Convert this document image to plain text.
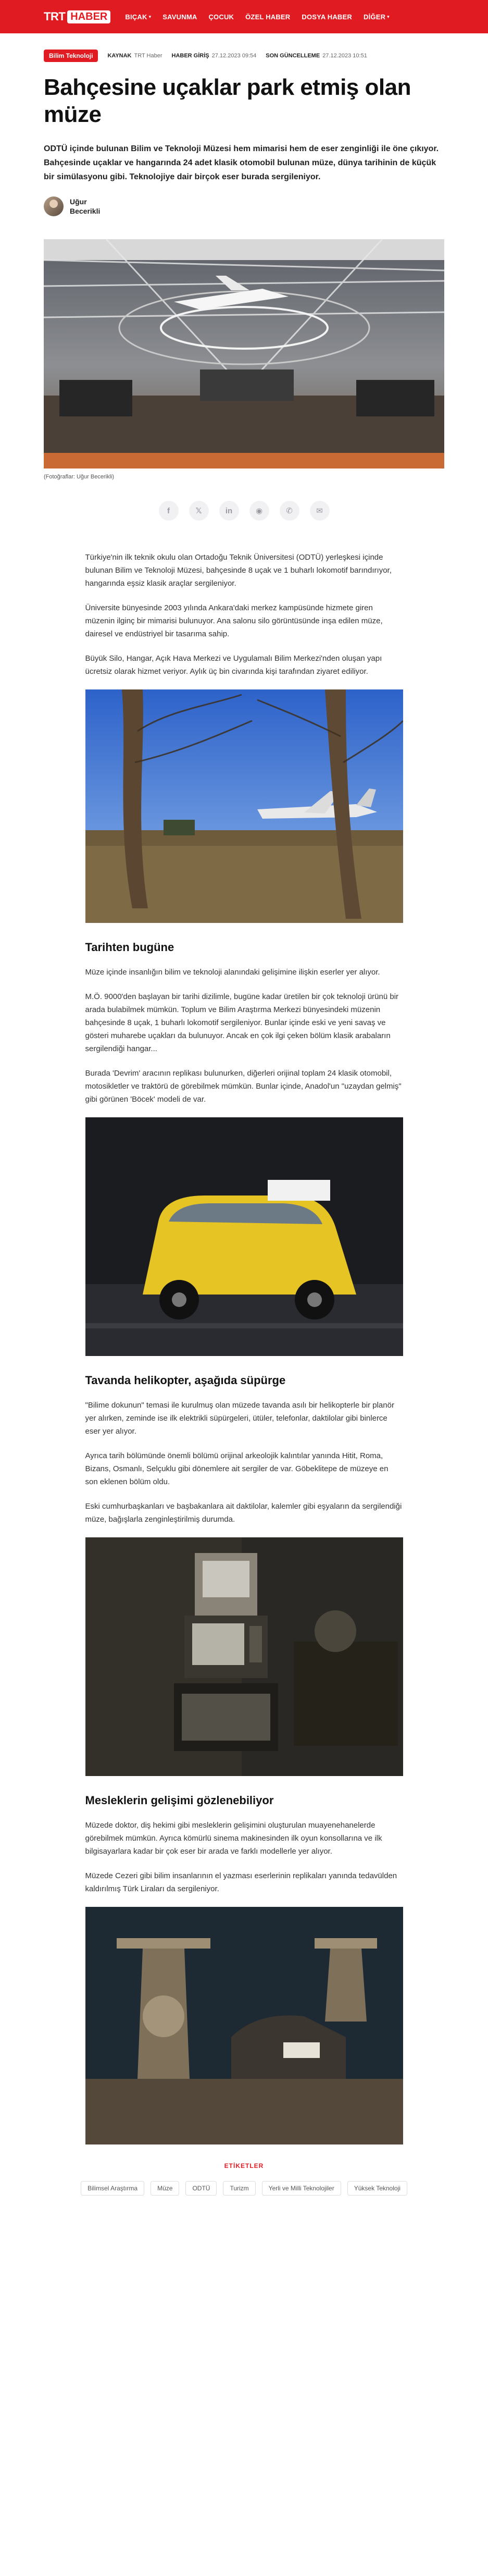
TRT HABER	BIÇAK ▾ SAVUNMA ÇOCUK ÖZEL HABER DOSYA HABER DİĞER ▾
Bilim Teknoloji	KAYNAK TRT Haber HABER GİRİŞ 27.12.2023 09:54 SON GÜNCELLEME 27.12.2023 10:51
Bahçesine uçaklar park etmiş olan müze

ODTÜ içinde bulunan Bilim ve Teknoloji Müzesi hem mimarisi hem de eser zenginliği ile öne çıkıyor. Bahçesinde uçaklar ve hangarında 24 adet klasik otomobil bulunan müze, dünya tarihinin de küçük bir simülasyonu gibi. Teknolojiye dair birçok eser burada sergileniyor.

Uğur Becerikli

(Fotoğraflar: Uğur Becerikli)

f	𝕏	in	◉	✆	✉

Türkiye'nin ilk teknik okulu olan Ortadoğu Teknik Üniversitesi (ODTÜ) yerleşkesi içinde bulunan Bilim ve Teknoloji Müzesi, bahçesinde 8 uçak ve 1 buharlı lokomotif barındırıyor, hangarında eşsiz klasik araçlar sergileniyor.

Üniversite bünyesinde 2003 yılında Ankara'daki merkez kampüsünde hizmete giren müzenin ilginç bir mimarisi bulunuyor. Ana salonu silo görüntüsünde inşa edilen müze, dairesel ve endüstriyel bir tasarıma sahip.

Büyük Silo, Hangar, Açık Hava Merkezi ve Uygulamalı Bilim Merkezi'nden oluşan yapı ücretsiz olarak hizmet veriyor. Aylık üç bin civarında kişi tarafından ziyaret ediliyor.

Tarihten bugüne

Müze içinde insanlığın bilim ve teknoloji alanındaki gelişimine ilişkin eserler yer alıyor.

M.Ö. 9000'den başlayan bir tarihi dizilimle, bugüne kadar üretilen bir çok teknoloji ürünü bir arada bulabilmek mümkün. Toplum ve Bilim Araştırma Merkezi bünyesindeki müzenin bahçesinde 8 uçak, 1 buharlı lokomotif sergileniyor. Bunlar içinde eski ve yeni savaş ve gösteri muharebe uçakları da bulunuyor. Ancak en çok ilgi çeken bölüm klasik arabaların sergilendiği hangar...

Burada 'Devrim' aracının replikası bulunurken, diğerleri orijinal toplam 24 klasik otomobil, motosikletler ve traktörü de görebilmek mümkün. Bunlar içinde, Anadol'un "uzaydan gelmiş" gibi görünen 'Böcek' modeli de var.

Tavanda helikopter, aşağıda süpürge

"Bilime dokunun" temasi ile kurulmuş olan müzede tavanda asılı bir helikopterle bir planör yer alırken, zeminde ise ilk elektrikli süpürgeleri, ütüler, telefonlar, daktilolar gibi binlerce eser yer alıyor.

Ayrıca tarih bölümünde önemli bölümü orijinal arkeolojik kalıntılar yanında Hitit, Roma, Bizans, Osmanlı, Selçuklu gibi dönemlere ait sergiler de var. Göbeklitepe de müzeye en son eklenen bölüm oldu.

Eski cumhurbaşkanları ve başbakanlara ait daktilolar, kalemler gibi eşyaların da sergilendiği müze, bağışlarla zenginleştirilmiş durumda.

Mesleklerin gelişimi gözlenebiliyor

Müzede doktor, diş hekimi gibi mesleklerin gelişimini oluşturulan muayenehanelerde görebilmek mümkün. Ayrıca kömürlü sinema makinesinden ilk oyun konsollarına ve ilk bilgisayarlara kadar bir çok eser bir arada ve farklı modellerle yer alıyor.

Müzede Cezeri gibi bilim insanlarının el yazması eserlerinin replikaları yanında tedavülden kaldırılmış Türk Liraları da sergileniyor.

ETİKETLER
Bilimsel Araştırma	Müze	ODTÜ	Turizm	Yerli ve Milli Teknolojiler	Yüksek Teknoloji
